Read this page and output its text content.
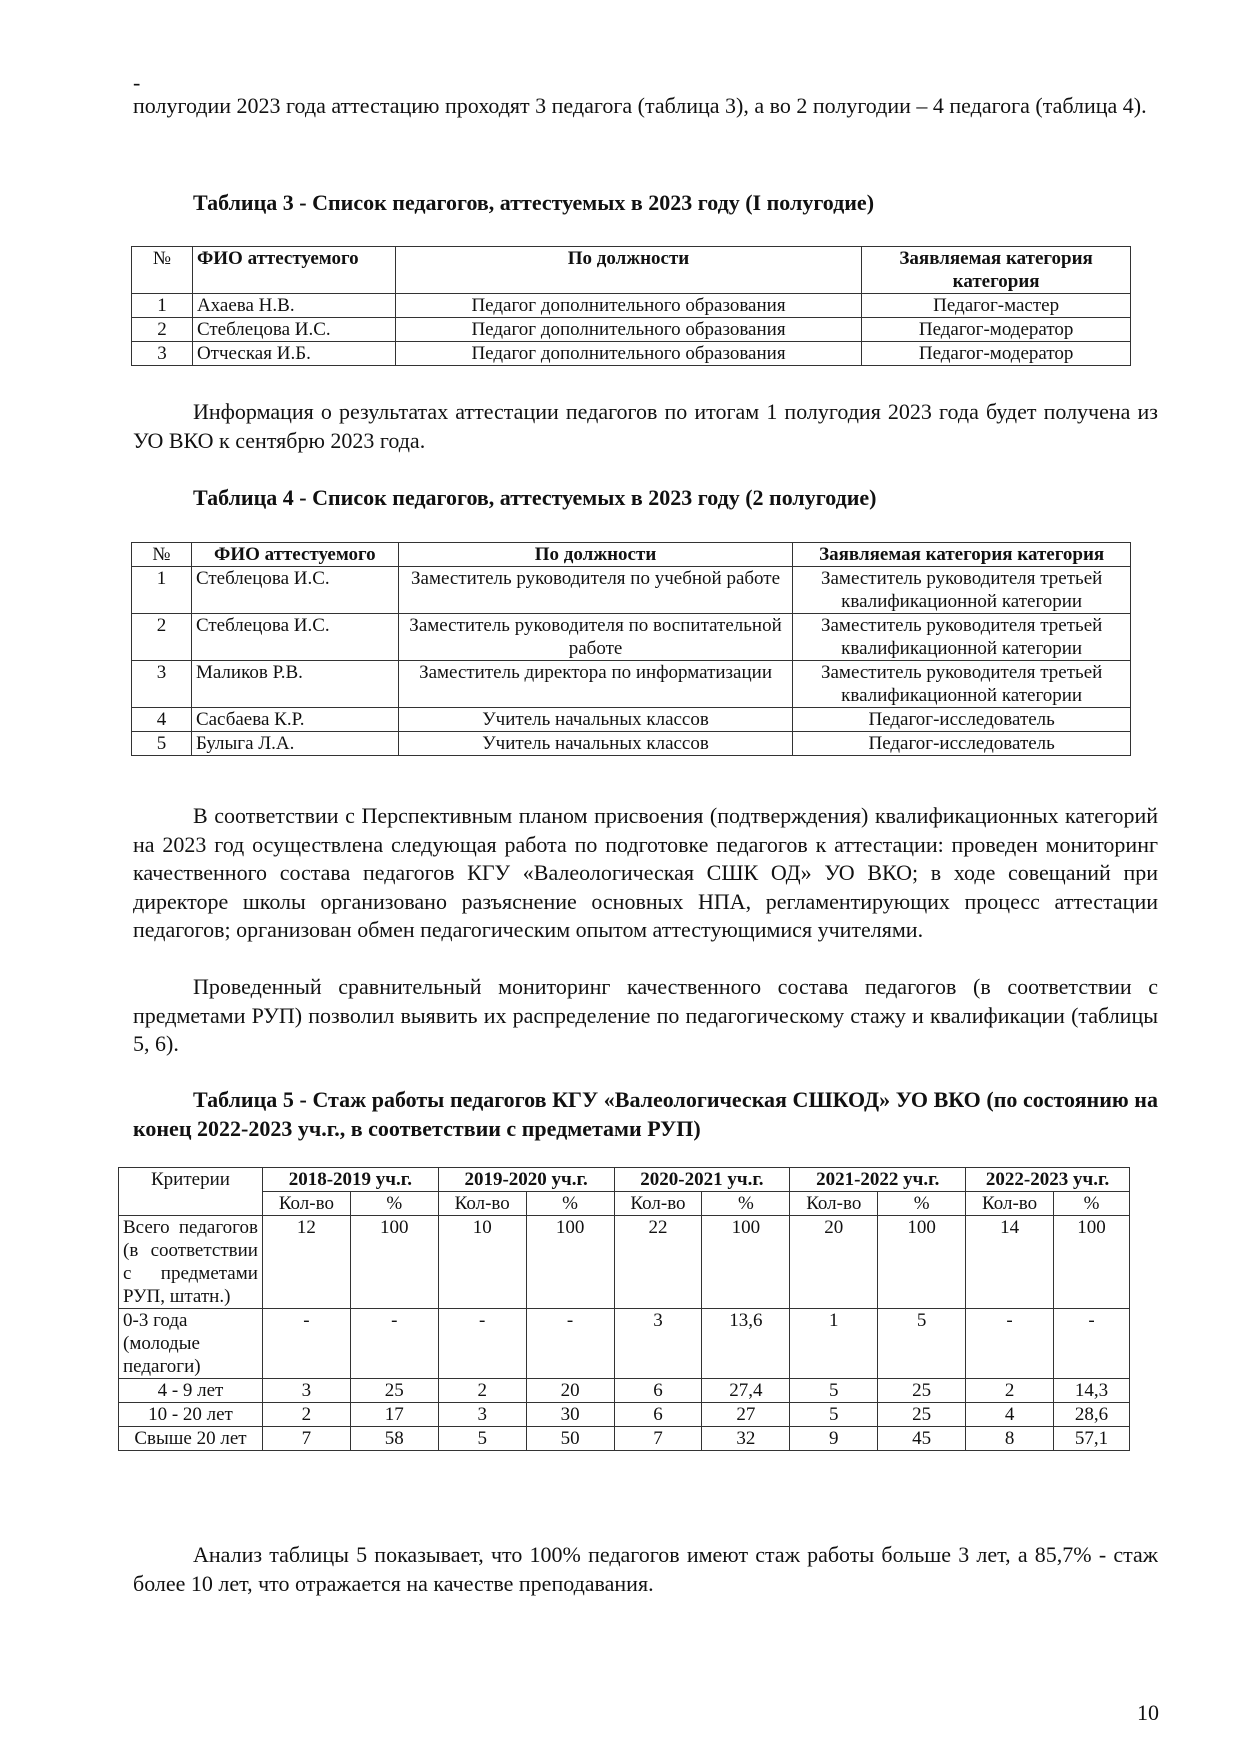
-

полугодии 2023 года аттестацию проходят 3 педагога (таблица 3), а во 2 полугодии – 4 педагога (таблица 4).

Таблица 3 - Список педагогов, аттестуемых в 2023 году (I полугодие)

№	ФИО аттестуемого	По должности	Заявляемая категория категория
1	Ахаева Н.В.	Педагог дополнительного образования	Педагог-мастер
2	Стеблецова И.С.	Педагог дополнительного образования	Педагог-модератор
3	Отческая И.Б.	Педагог дополнительного образования	Педагог-модератор

Информация о результатах аттестации педагогов по итогам 1 полугодия 2023 года будет получена из УО ВКО к сентябрю 2023 года.

Таблица 4 - Список педагогов, аттестуемых в 2023 году (2 полугодие)

№	ФИО аттестуемого	По должности	Заявляемая категория категория
1	Стеблецова И.С.	Заместитель руководителя по учебной работе	Заместитель руководителя третьей квалификационной категории
2	Стеблецова И.С.	Заместитель руководителя по воспитательной работе	Заместитель руководителя третьей квалификационной категории
3	Маликов Р.В.	Заместитель директора по информатизации	Заместитель руководителя третьей квалификационной категории
4	Сасбаева К.Р.	Учитель начальных классов	Педагог-исследователь
5	Булыга Л.А.	Учитель начальных классов	Педагог-исследователь

В соответствии с Перспективным планом присвоения (подтверждения) квалификационных категорий на 2023 год осуществлена следующая работа по подготовке педагогов к аттестации: проведен мониторинг качественного состава педагогов КГУ «Валеологическая СШК ОД» УО ВКО; в ходе совещаний при директоре школы организовано разъяснение основных НПА, регламентирующих процесс аттестации педагогов; организован обмен педагогическим опытом аттестующимися учителями.

Проведенный сравнительный мониторинг качественного состава педагогов (в соответствии с предметами РУП) позволил выявить их распределение по педагогическому стажу и квалификации (таблицы 5, 6).

Таблица 5 - Стаж работы педагогов КГУ «Валеологическая СШКОД» УО ВКО (по состоянию на конец 2022-2023 уч.г., в соответствии с предметами РУП)

Критерии	2018-2019 уч.г.		2019-2020 уч.г.		2020-2021 уч.г.		2021-2022 уч.г.		2022-2023 уч.г.	
	Кол-во	%	Кол-во	%	Кол-во	%	Кол-во	%	Кол-во	%
Всего педагогов (в соответствии с предметами РУП, штатн.)	12	100	10	100	22	100	20	100	14	100
0-3 года (молодые педагоги)	-	-	-	-	3	13,6	1	5	-	-
4 - 9 лет	3	25	2	20	6	27,4	5	25	2	14,3
10 - 20 лет	2	17	3	30	6	27	5	25	4	28,6
Свыше 20 лет	7	58	5	50	7	32	9	45	8	57,1

Анализ таблицы 5 показывает, что 100% педагогов имеют стаж работы больше 3 лет, а 85,7% - стаж более 10 лет, что отражается на качестве преподавания.

10
